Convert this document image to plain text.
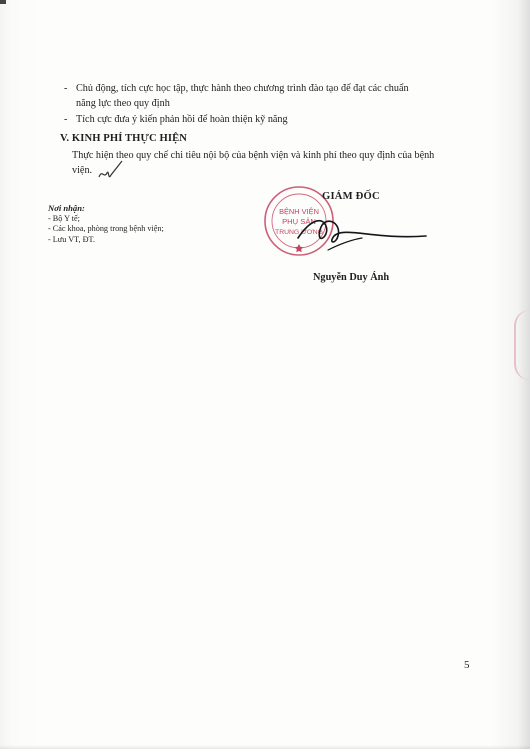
- Chủ động, tích cực học tập, thực hành theo chương trình đào tạo để đạt các chuẩn
năng lực theo quy định
- Tích cực đưa ý kiến phản hồi để hoàn thiện kỹ năng
V. KINH PHÍ THỰC HIỆN
Thực hiện theo quy chế chi tiêu nội bộ của bệnh viện và kinh phí theo quy định của bệnh
viện.
Nơi nhận:
- Bộ Y tế;
- Các khoa, phòng trong bệnh viện;
- Lưu VT, ĐT.
BỆNH VIỆN
PHỤ SẢN
TRUNG ƯƠNG
GIÁM ĐỐC
Nguyễn Duy Ánh
5
